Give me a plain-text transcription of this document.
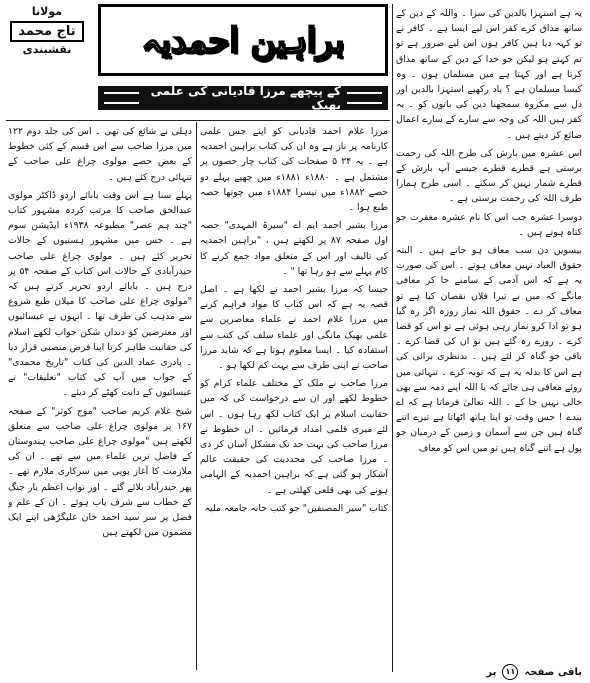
براہین احمدیہ
کے پیچھے مرزا قادیانی کی علمی بھیک
مولانا
تاج محمد
نقشبندی

یہ ہے استہزا بالدین کی سزا ۔ واللہ کے دین کے ساتھ مذاق کرے کفر اس لیے ایسا ہے ۔ کافر نے تو کہہ دیا ہیں کافر ہوں اس لیے ضرور ہے تو تم کہتے ہو لیکن جو خدا کے دین کے ساتھ مذاق کرتا ہے اور کہتا ہے میں مسلمان ہوں ۔ وہ کیسا مسلمان ہے ؟ یاد رکھیے استہزا بالدین اور دل سے مکروہ سمجھنا دین کی باتوں کو ۔ یہ کفر ہیں اللہ کی وجہ سے سارے کے سارے اعمال ضائع کر دیتے ہیں ۔

اس عشرہ میں بارش کی طرح اللہ کی رحمت برستی ہے قطرے قطرے جیسے آپ بارش کے قطرے شمار نہیں کر سکتے ۔ اسی طرح ہمارا طرف اللہ کی رحمت برستی ہے ۔

دوسرا عشرہ جب اس کا نام عشرہ مغفرت جو کتاہ ہوتے ہیں ۔

بیسویں دن سب معاف ہو جاتے ہیں ۔ البتہ حقوق العباد نہیں معاف ہوتے ۔ اس کی صورت یہ ہے کہ اس آدمی کے سامنے جا کر معافی مانگے کہ میں نے تیرا فلاں نقصان کیا ہے تو معاف کر دے ۔ حقوق اللہ نماز روزہ اگر رہ گیا ہو تو ادا کرو نماز رہی ہوئی ہے تو اس کو قضا کرے ۔ روزے رہ گئے ہیں تو ان کی قضا کرے ۔ باقی جو گناہ کر لئے ہیں ۔ بدنظری برائی کی ہے اس کا بدلہ یہ ہے کہ توبہ کرے ۔ تنہائی میں روئے معافی ہی جائے کہ یا اللہ اپنے ذمہ سے بھی خالی نہیں جا کے ۔ اللہ تعالیٰ فرماتا ہے کہ اے بندے ! جس وقت تو اپنا ہاتھ اٹھاتا ہے تیرے اتنے گناہ ہیں جن سے آسمان و زمین کے درمیان جو پول ہے اتنے گناہ ہیں تو میں اس کو معاف

مرزا غلام احمد قادیانی کو اپنے جس علمی کارنامہ پر ناز ہے وہ ان کی کتاب براہین احمدیہ ہے ۔ یہ ۲۴ ۵ صفحات کی کتاب چار حصوں پر مشتمل ہے ۔ ۱۸۸۰ء ۱۸۸۱ء میں چھپے پہلے دو حصے ۱۸۸۲ء میں تیسرا ۱۸۸۴ء میں چوتھا حصہ طبع ہوا ۔

مرزا بشیر احمد ایم اے "سیرۃ المہدی" حصہ اول صفحہ ۸۷ پر لکھتے ہیں ، "براہین احمدیہ کی تالیف اور اس کے متعلق مواد جمع کرنے کا کام پہلے سے ہو رہا تھا " ۔

جیسا کہ مرزا بشیر احمد نے لکھا ہے ۔ اصل قصہ یہ ہے کہ اس کتاب کا مواد فراہم کرنے میں مرزا غلام احمد نے علماء معاصرین سے علمی بھیک مانگی اور علماء سلف کی کتب سے استفادہ کیا ۔ ایسا معلوم ہوتا ہے کہ شاید مرزا صاحب نے اپنی طرف سے بہت کم لکھا ہو ۔

مرزا صاحب نے ملک کے مختلف علماء کرام کو خطوط لکھے اور ان سے درخواست کی کہ میں حقانیت اسلام پر ایک کتاب لکھ رہا ہوں ۔ اس لئے میری قلمی امداد فرمائیں ۔ ان خطوط نے مرزا صاحب کی بہت حد تک مشکل آسان کر دی ۔ مرزا صاحب کی مجددیت کی حقیقت عالم آشکار ہو گئی ہے کہ براہین احمدیہ کے الہامی ہونے کی بھی قلعی کھلتی ہے ۔

کتاب "سیر المصنفین" جو کتب خانہ جامعہ ملیہ

دہلی نے شائع کی تھی ۔ اس کی جلد دوم ۱۲۲ میں مرزا صاحب سے اس قسم کے کئی خطوط کے بعض حصے مولوی چراغ علی صاحب کے تنہائی درج کئے ہیں ۔

پہلے سنا ہے اس وقت بابائے اردو ڈاکٹر مولوی عبدالحق صاحب کا مرتب کردہ مشہور کتاب "چند ہم عصر" مطبوعہ ۱۹۳۸ء ایڈیشن سوم ہے ۔ جس میں مشہور ہستیوں کے حالات تحریر کئے ہیں ۔ مولوی چراغ علی صاحب حیدرآبادی کے حالات اس کتاب کے صفحہ ۵۴ پر درج ہیں ۔ بابائے اردو تحریر کرتے ہیں کہ "مولوی چراغ علی صاحب کا میلان طبع شروع سے مذہب کی طرف تھا ۔ انہوں نے عیسائیوں اور معترضین کو دندان شکن جواب لکھے اسلام کی حقانیت ظاہر کرتا اپنا فرض منصبی قرار دیا ۔ پادری عماد الدین کی کتاب "تاریخ محمدی" کے جواب میں آپ کی کتاب "تعلیقات" نے عیسائیوں کے دانت کھٹے کر دیئے ۔

شیخ غلام کریم صاحب "موج کوثر" کے صفحہ ۱۶۷ پر مولوی چراغ علی صاحب سے متعلق لکھتے ہیں "مولوی چراغ علی صاحب ہندوستان کے فاضل ترین علماء میں سے تھے ۔ ان کی ملازمت کا آغاز یوپی میں سرکاری ملازم تھے ۔ پھر حیدرآباد بلائے گئے ۔ اور نواب اعظم یار جنگ کے خطاب سے شرف یاب ہوئے ۔ ان کے علم و فضل پر سر سید احمد خان علیگڑھی اپنے ایک مضمون میں لکھتے ہیں

باقی صفحہ
۱۱
پر
